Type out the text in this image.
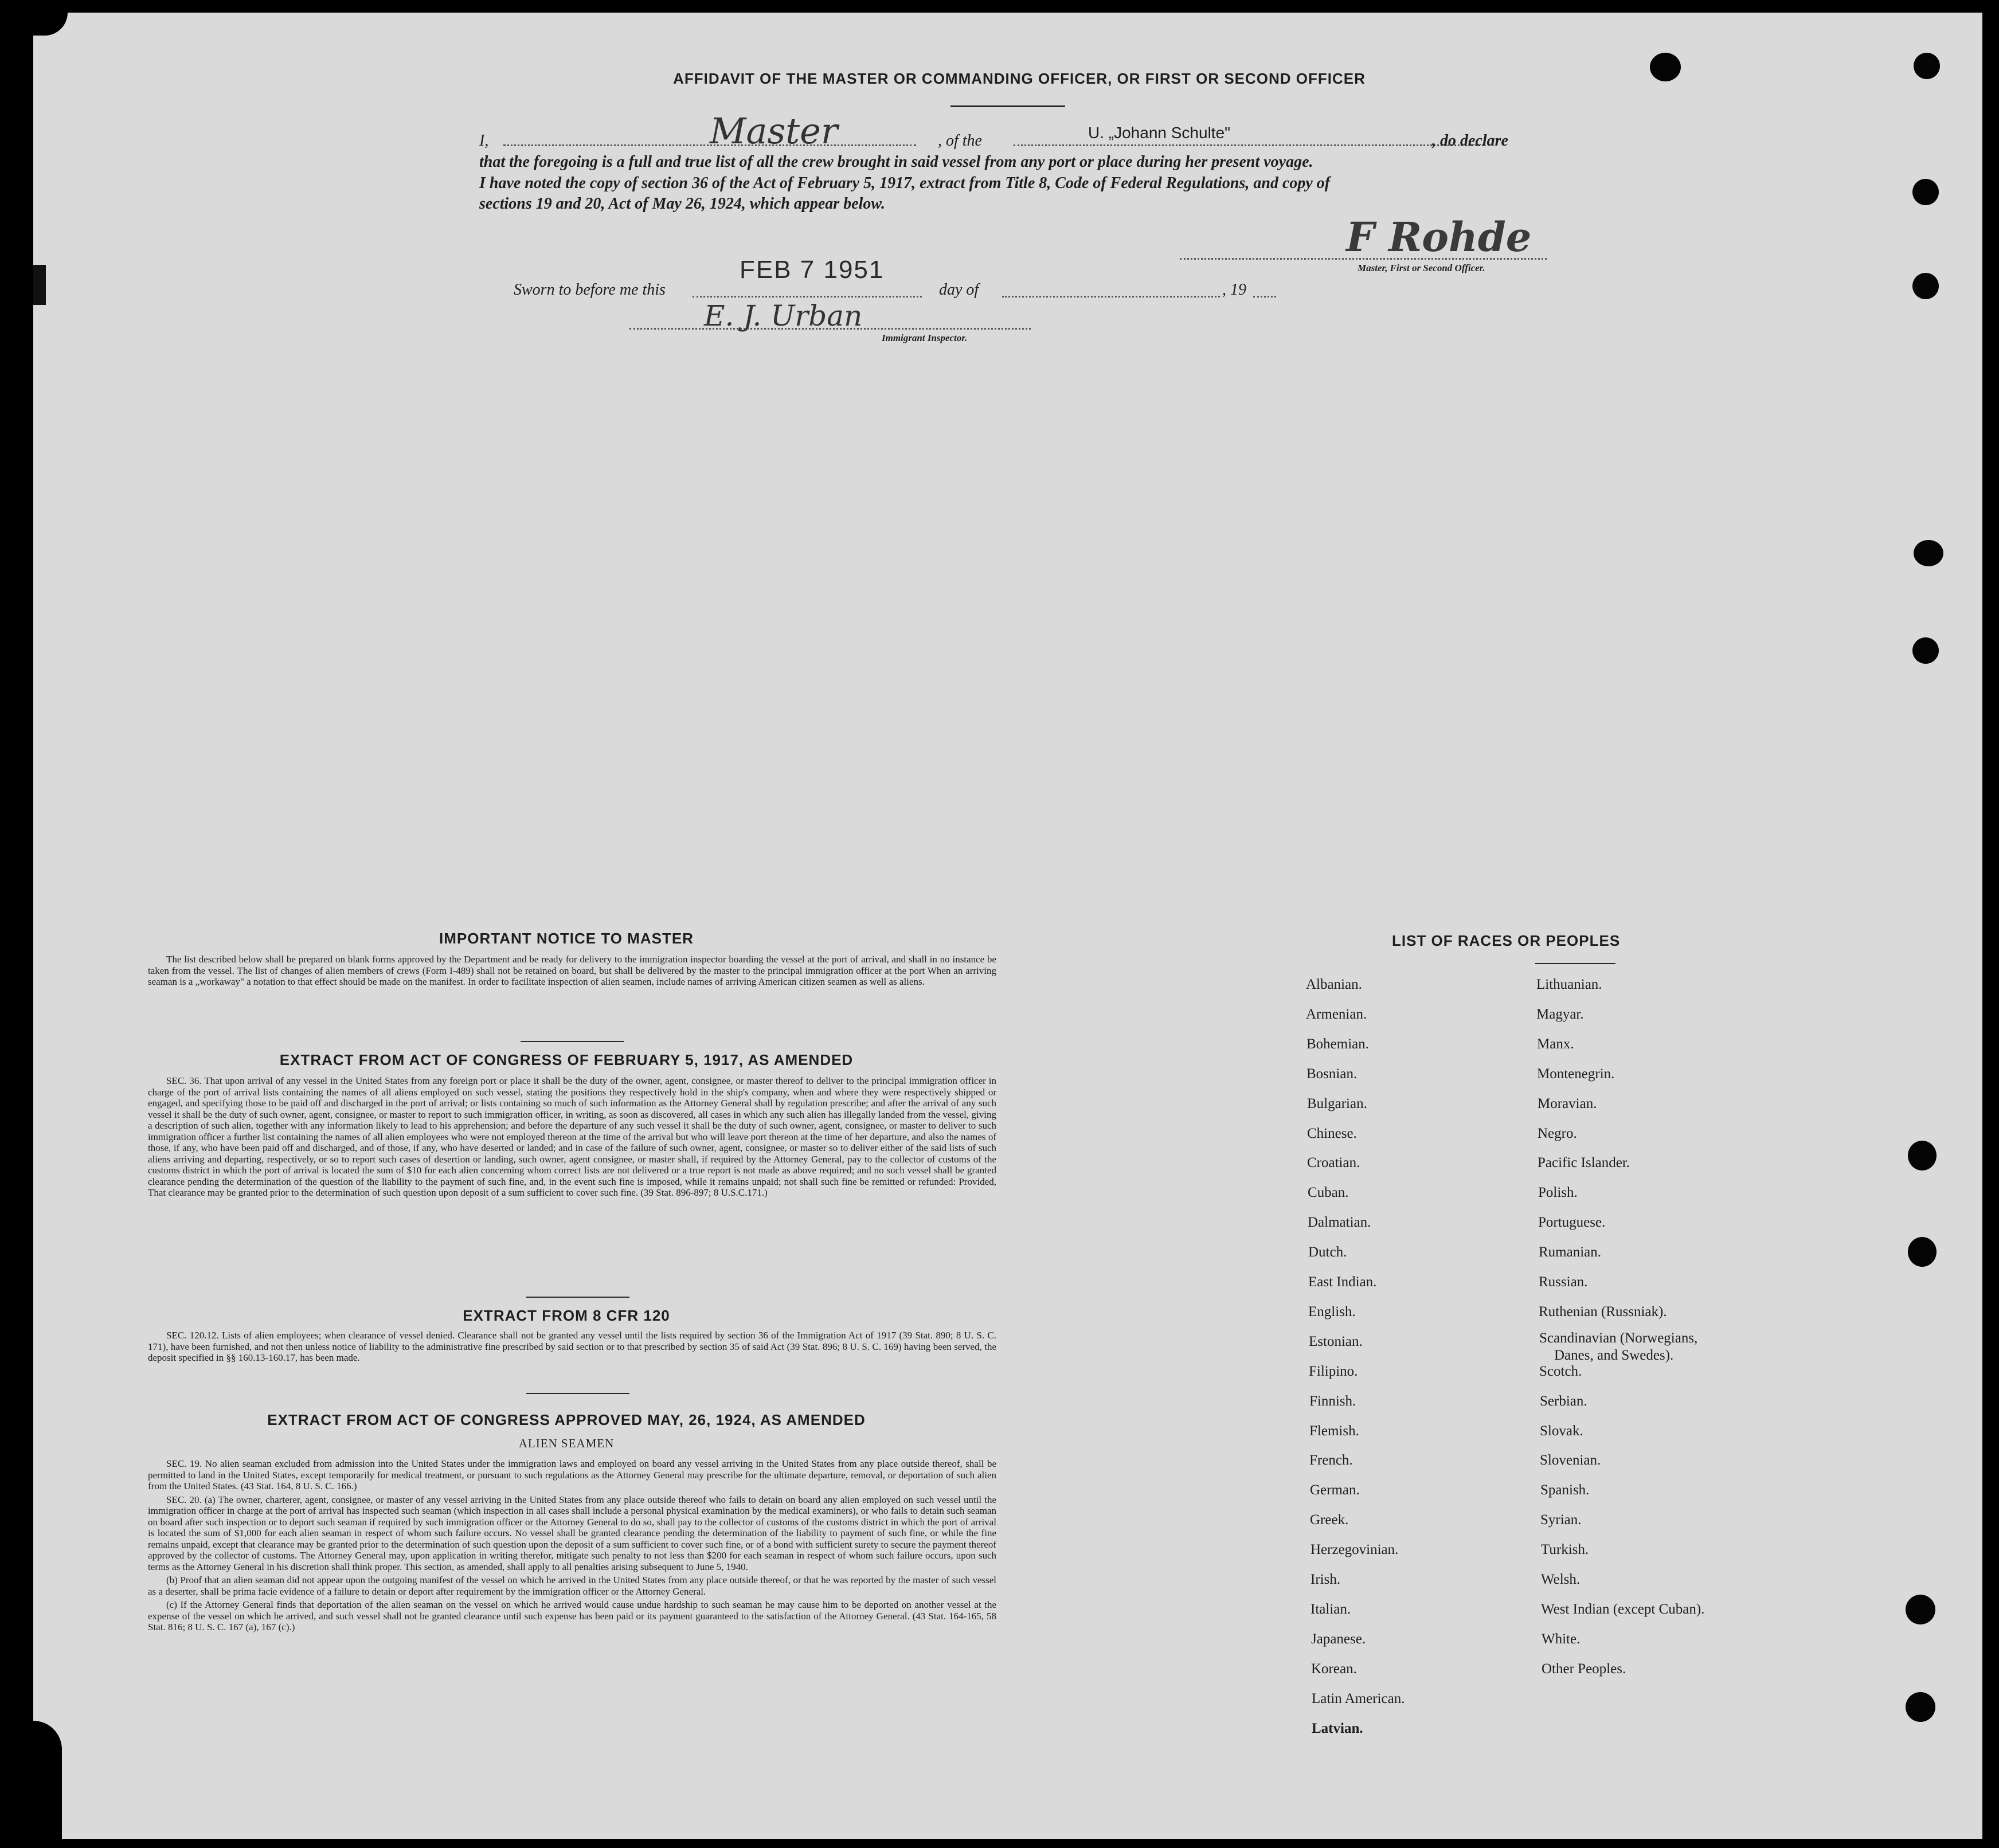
AFFIDAVIT OF THE MASTER OR COMMANDING OFFICER, OR FIRST OR SECOND OFFICER
I,	Master	, of the	U. „Johann Schulte"	, do declare
that the foregoing is a full and true list of all the crew brought in said vessel from any port or place during her present voyage.
I have noted the copy of section 36 of the Act of February 5, 1917, extract from Title 8, Code of Federal Regulations, and copy of
sections 19 and 20, Act of May 26, 1924, which appear below.
F Rohde
Master, First or Second Officer.
Sworn to before me this
FEB 7 1951
day of	, 19
E. J. Urban
Immigrant Inspector.
IMPORTANT NOTICE TO MASTER

The list described below shall be prepared on blank forms approved by the Department and be ready for delivery to the immigration inspector boarding the vessel at the port of arrival, and shall in no instance be taken from the vessel. The list of changes of alien members of crews (Form I-489) shall not be retained on board, but shall be delivered by the master to the principal immigration officer at the port When an arriving seaman is a „workaway" a notation to that effect should be made on the manifest. In order to facilitate inspection of alien seamen, include names of arriving American citizen seamen as well as aliens.

EXTRACT FROM ACT OF CONGRESS OF FEBRUARY 5, 1917, AS AMENDED

SEC. 36. That upon arrival of any vessel in the United States from any foreign port or place it shall be the duty of the owner, agent, consignee, or master thereof to deliver to the principal immigration officer in charge of the port of arrival lists containing the names of all aliens employed on such vessel, stating the positions they respectively hold in the ship's company, when and where they were respectively shipped or engaged, and specifying those to be paid off and discharged in the port of arrival; or lists containing so much of such information as the Attorney General shall by regulation prescribe; and after the arrival of any such vessel it shall be the duty of such owner, agent, consignee, or master to report to such immigration officer, in writing, as soon as discovered, all cases in which any such alien has illegally landed from the vessel, giving a description of such alien, together with any information likely to lead to his apprehension; and before the departure of any such vessel it shall be the duty of such owner, agent, consignee, or master to deliver to such immigration officer a further list containing the names of all alien employees who were not employed thereon at the time of the arrival but who will leave port thereon at the time of her departure, and also the names of those, if any, who have been paid off and discharged, and of those, if any, who have deserted or landed; and in case of the failure of such owner, agent, consignee, or master so to deliver either of the said lists of such aliens arriving and departing, respectively, or so to report such cases of desertion or landing, such owner, agent consignee, or master shall, if required by the Attorney General, pay to the collector of customs of the customs district in which the port of arrival is located the sum of $10 for each alien concerning whom correct lists are not delivered or a true report is not made as above required; and no such vessel shall be granted clearance pending the determination of the question of the liability to the payment of such fine, and, in the event such fine is imposed, while it remains unpaid; not shall such fine be remitted or refunded: Provided, That clearance may be granted prior to the determination of such question upon deposit of a sum sufficient to cover such fine. (39 Stat. 896-897; 8 U.S.C.171.)

EXTRACT FROM 8 CFR 120

SEC. 120.12. Lists of alien employees; when clearance of vessel denied. Clearance shall not be granted any vessel until the lists required by section 36 of the Immigration Act of 1917 (39 Stat. 890; 8 U. S. C. 171), have been furnished, and not then unless notice of liability to the administrative fine prescribed by said section or to that prescribed by section 35 of said Act (39 Stat. 896; 8 U. S. C. 169) having been served, the deposit specified in §§ 160.13-160.17, has been made.

EXTRACT FROM ACT OF CONGRESS APPROVED MAY, 26, 1924, AS AMENDED
ALIEN SEAMEN

SEC. 19. No alien seaman excluded from admission into the United States under the immigration laws and employed on board any vessel arriving in the United States from any place outside thereof, shall be permitted to land in the United States, except temporarily for medical treatment, or pursuant to such regulations as the Attorney General may prescribe for the ultimate departure, removal, or deportation of such alien from the United States. (43 Stat. 164, 8 U. S. C. 166.)

SEC. 20. (a) The owner, charterer, agent, consignee, or master of any vessel arriving in the United States from any place outside thereof who fails to detain on board any alien employed on such vessel until the immigration officer in charge at the port of arrival has inspected such seaman (which inspection in all cases shall include a personal physical examination by the medical examiners), or who fails to detain such seaman on board after such inspection or to deport such seaman if required by such immigration officer or the Attorney General to do so, shall pay to the collector of customs of the customs district in which the port of arrival is located the sum of $1,000 for each alien seaman in respect of whom such failure occurs. No vessel shall be granted clearance pending the determination of the liability to payment of such fine, or while the fine remains unpaid, except that clearance may be granted prior to the determination of such question upon the deposit of a sum sufficient to cover such fine, or of a bond with sufficient surety to secure the payment thereof approved by the collector of customs. The Attorney General may, upon application in writing therefor, mitigate such penalty to not less than $200 for each seaman in respect of whom such failure occurs, upon such terms as the Attorney General in his discretion shall think proper. This section, as amended, shall apply to all penalties arising subsequent to June 5, 1940.

(b) Proof that an alien seaman did not appear upon the outgoing manifest of the vessel on which he arrived in the United States from any place outside thereof, or that he was reported by the master of such vessel as a deserter, shall be prima facie evidence of a failure to detain or deport after requirement by the immigration officer or the Attorney General.

(c) If the Attorney General finds that deportation of the alien seaman on the vessel on which he arrived would cause undue hardship to such seaman he may cause him to be deported on another vessel at the expense of the vessel on which he arrived, and such vessel shall not be granted clearance until such expense has been paid or its payment guaranteed to the satisfaction of the Attorney General. (43 Stat. 164-165, 58 Stat. 816; 8 U. S. C. 167 (a), 167 (c).)

LIST OF RACES OR PEOPLES
Albanian.
Armenian.
Bohemian.
Bosnian.
Bulgarian.
Chinese.
Croatian.
Cuban.
Dalmatian.
Dutch.
East Indian.
English.
Estonian.
Filipino.
Finnish.
Flemish.
French.
German.
Greek.
Herzegovinian.
Irish.
Italian.
Japanese.
Korean.
Latin American.
Latvian.
Lithuanian.
Magyar.
Manx.
Montenegrin.
Moravian.
Negro.
Pacific Islander.
Polish.
Portuguese.
Rumanian.
Russian.
Ruthenian (Russniak).
Scandinavian (Norwegians,
Danes, and Swedes).
Scotch.
Serbian.
Slovak.
Slovenian.
Spanish.
Syrian.
Turkish.
Welsh.
West Indian (except Cuban).
White.
Other Peoples.
